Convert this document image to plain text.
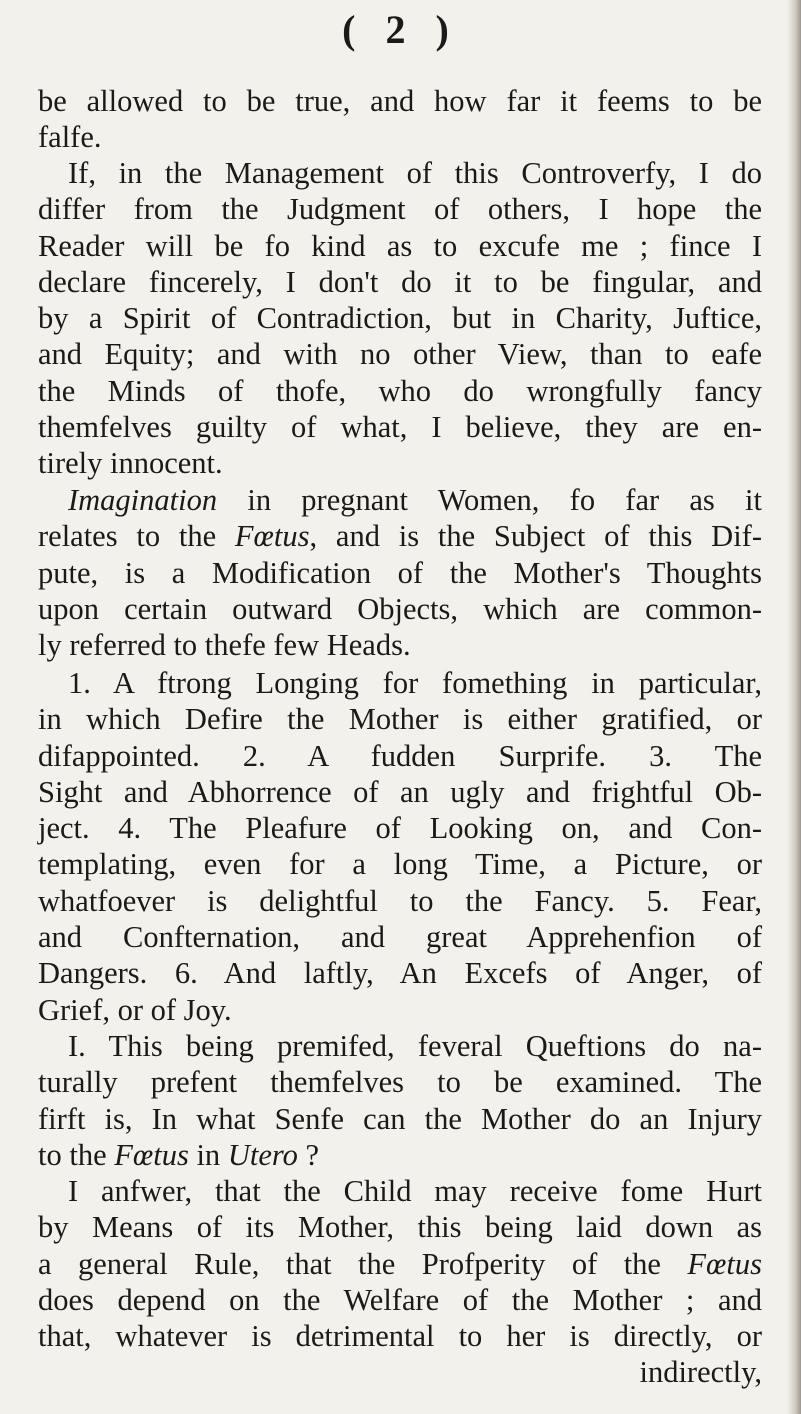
( 2 )
be allowed to be true, and how far it feems to be
falfe.
If, in the Management of this Controverfy, I do
differ from the Judgment of others, I hope the
Reader will be fo kind as to excufe me ; fince I
declare fincerely, I don't do it to be fingular, and
by a Spirit of Contradiction, but in Charity, Juftice,
and Equity; and with no other View, than to eafe
the Minds of thofe, who do wrongfully fancy
themfelves guilty of what, I believe, they are en-
tirely innocent.
Imagination in pregnant Women, fo far as it
relates to the Fœtus, and is the Subject of this Dif-
pute, is a Modification of the Mother's Thoughts
upon certain outward Objects, which are common-
ly referred to thefe few Heads.
1. A ftrong Longing for fomething in particular,
in which Defire the Mother is either gratified, or
difappointed. 2. A fudden Surprife. 3. The
Sight and Abhorrence of an ugly and frightful Ob-
ject. 4. The Pleafure of Looking on, and Con-
templating, even for a long Time, a Picture, or
whatfoever is delightful to the Fancy. 5. Fear,
and Confternation, and great Apprehenfion of
Dangers. 6. And laftly, An Excefs of Anger, of
Grief, or of Joy.
I. This being premifed, feveral Queftions do na-
turally prefent themfelves to be examined. The
firft is, In what Senfe can the Mother do an Injury
to the Fœtus in Utero ?
I anfwer, that the Child may receive fome Hurt
by Means of its Mother, this being laid down as
a general Rule, that the Profperity of the Fœtus
does depend on the Welfare of the Mother ; and
that, whatever is detrimental to her is directly, or
indirectly,
